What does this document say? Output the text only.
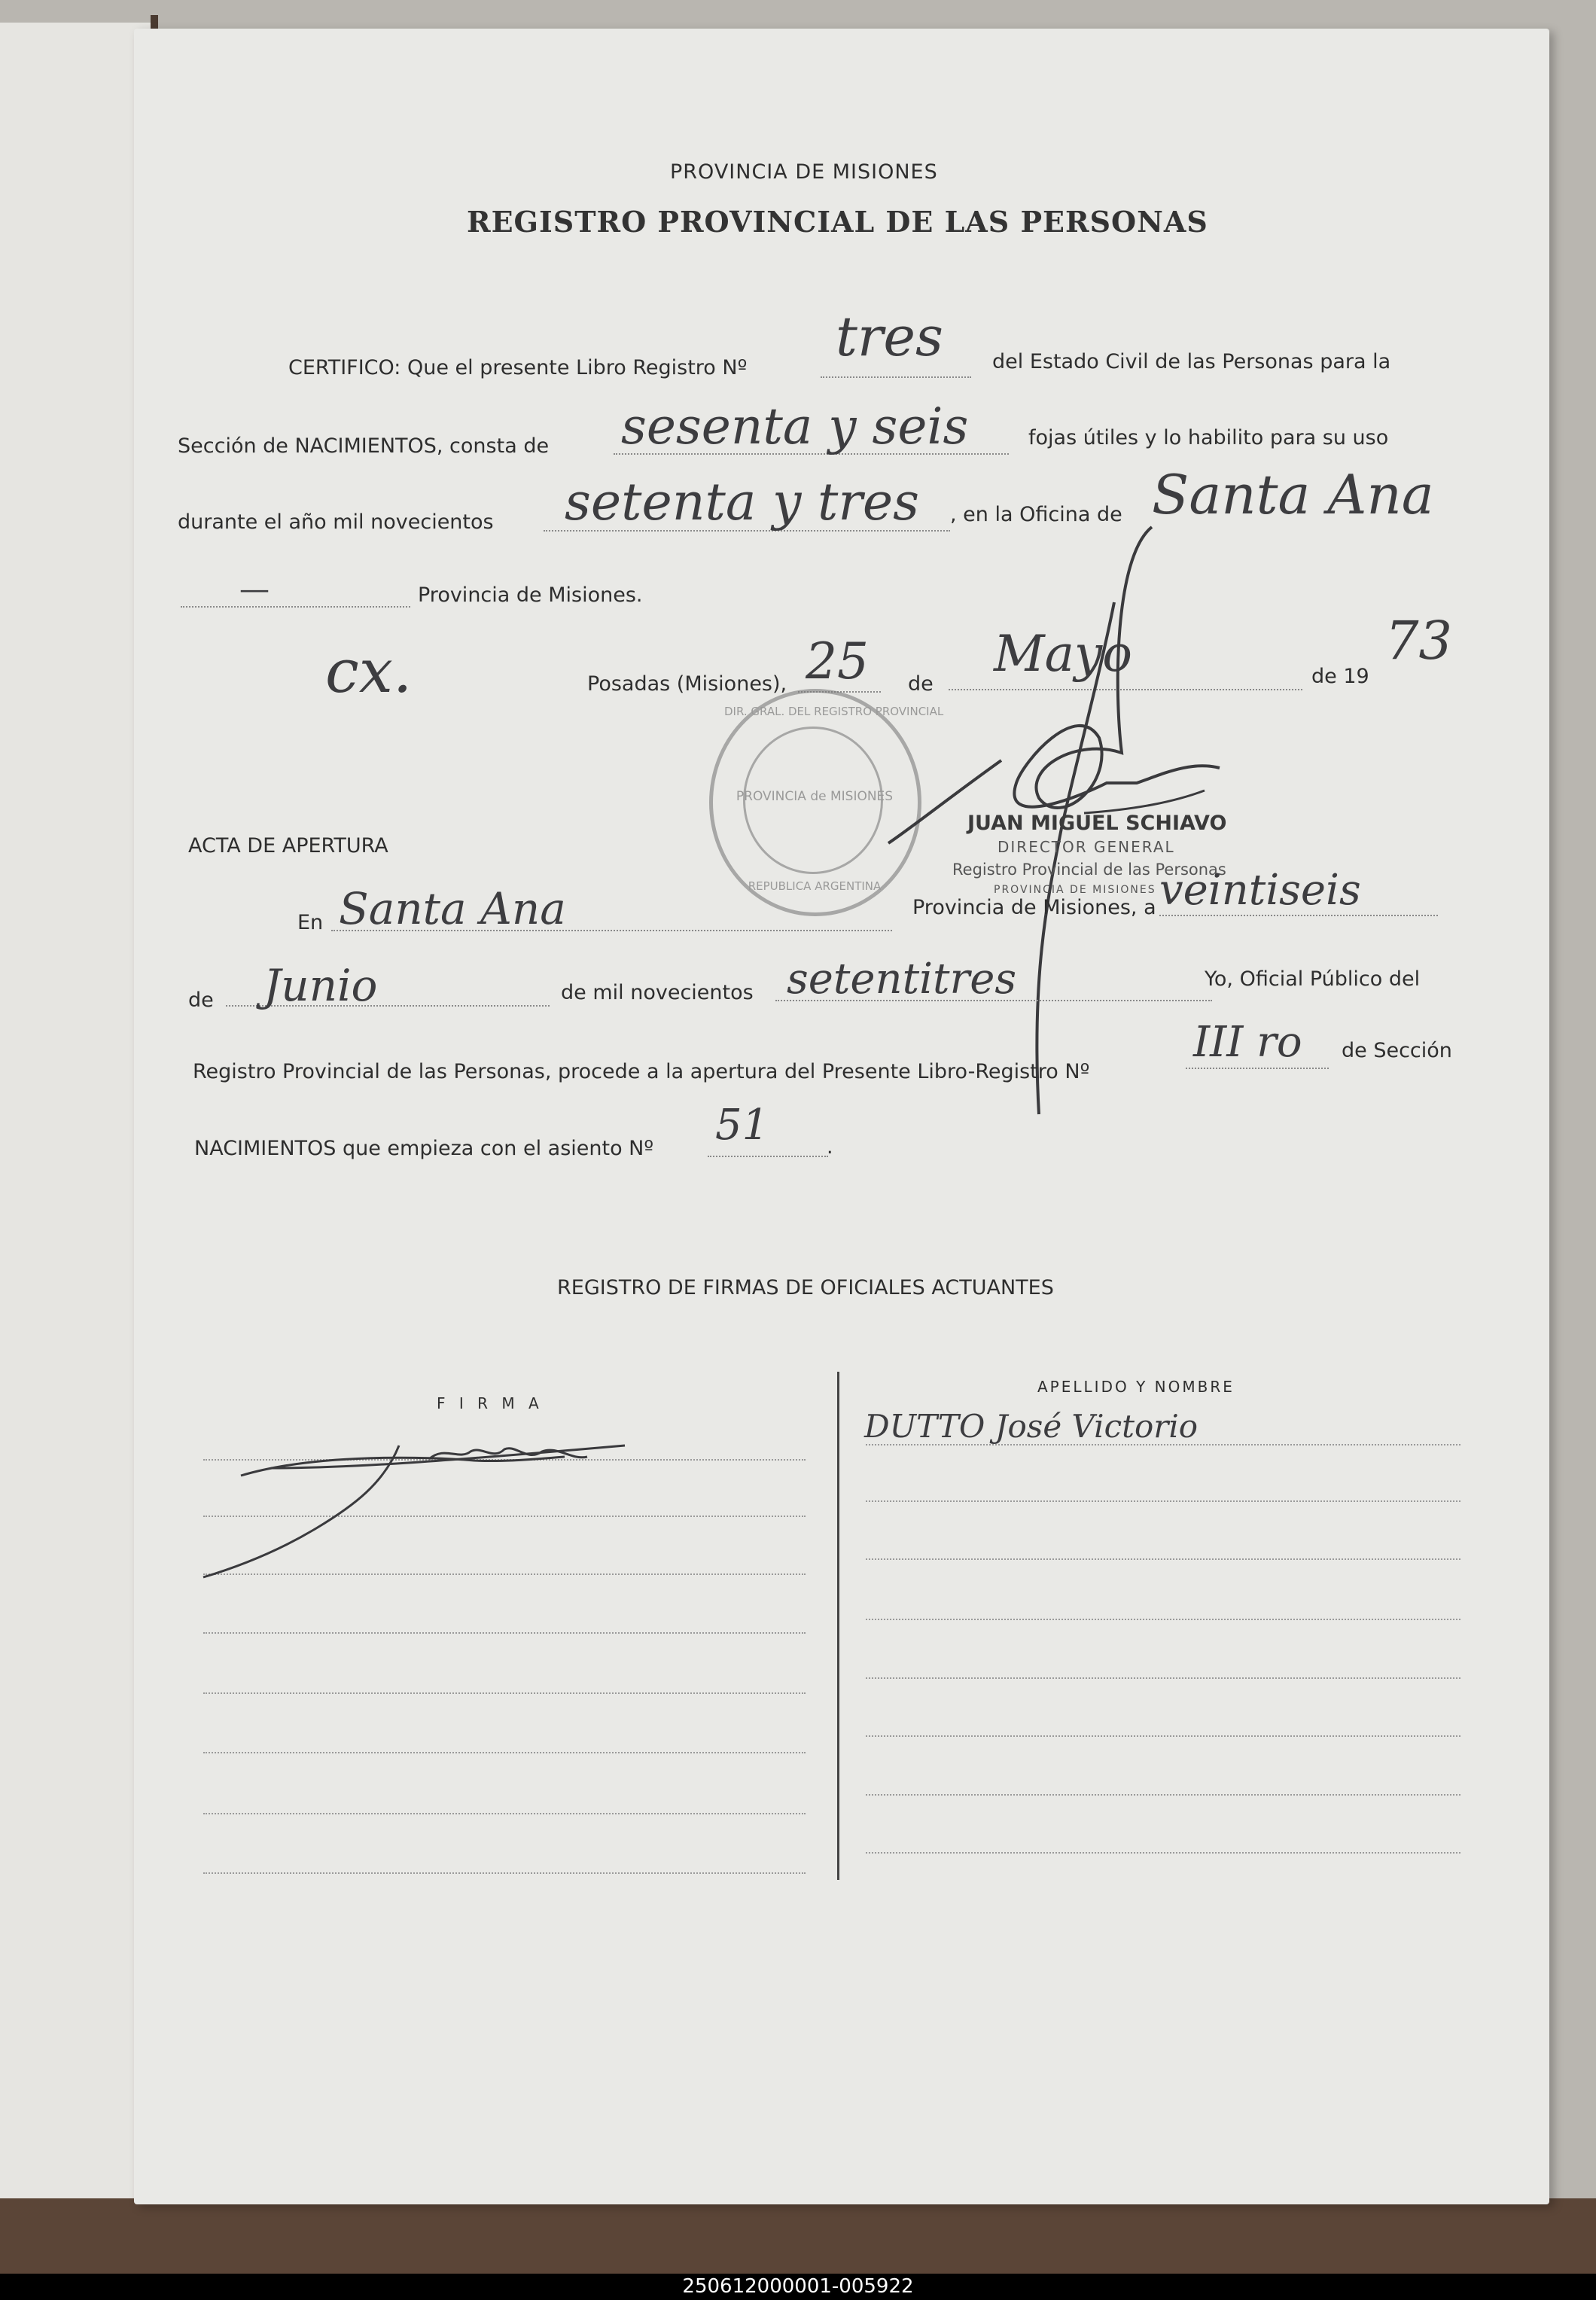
PROVINCIA DE MISIONES
REGISTRO PROVINCIAL DE LAS PERSONAS
CERTIFICO: Que el presente Libro Registro Nº tres del Estado Civil de las Personas para la
Sección de NACIMIENTOS, consta de sesenta y seis	fojas útiles y lo habilito para su uso
durante el año mil novecientos setenta y tres , en la Oficina de Santa Ana
—	Provincia de Misiones.
cx.	Posadas (Misiones), 25 de
Mayo	de 19
73
DIR. GRAL. DEL REGISTRO PROVINCIAL
PROVINCIA de MISIONES
REPUBLICA ARGENTINA
JUAN MIGUEL SCHIAVO
DIRECTOR GENERAL
Registro Provincial de las Personas
PROVINCIA DE MISIONES
ACTA DE APERTURA
En Santa Ana	Provincia de Misiones, a veintiseis
de Junio	de mil novecientos setentitres	Yo, Oficial Público del
Registro Provincial de las Personas, procede a la apertura del Presente Libro-Registro Nº
III ro de Sección
NACIMIENTOS que empieza con el asiento Nº 51	.
REGISTRO DE FIRMAS DE OFICIALES ACTUANTES
F I R M A
APELLIDO Y NOMBRE
DUTTO José Victorio
250612000001-005922
